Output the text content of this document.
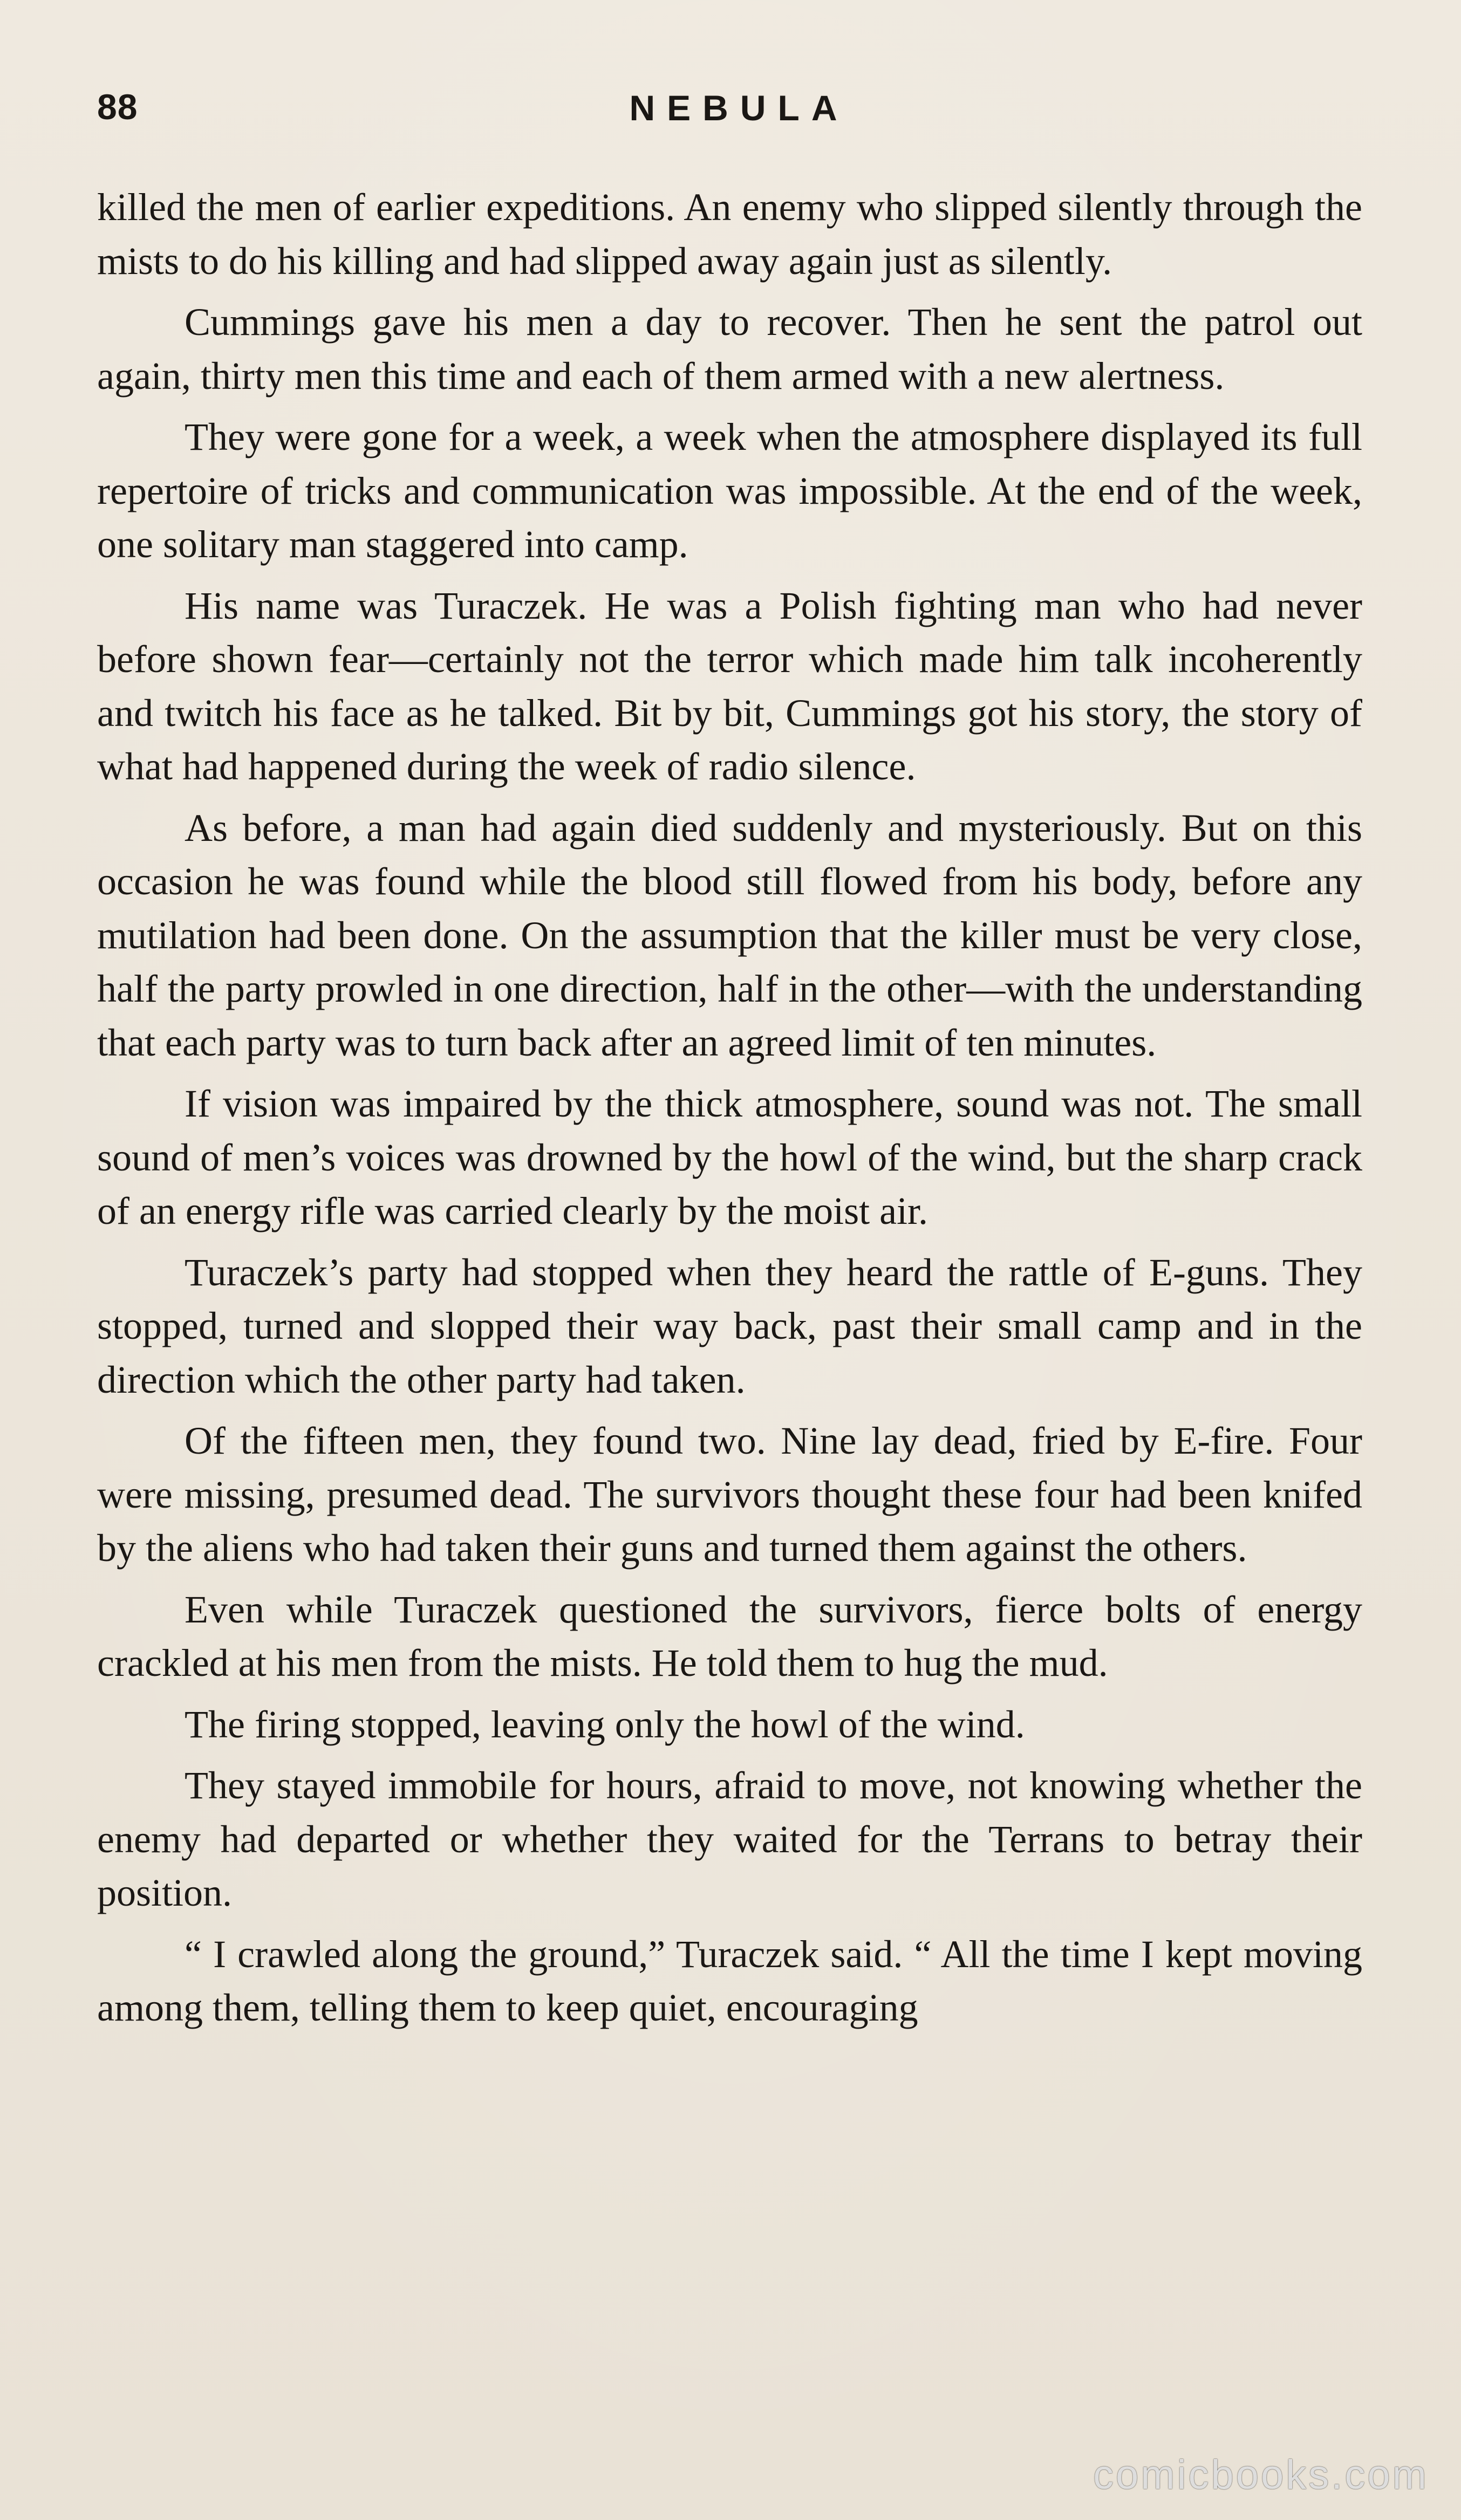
88	NEBULA

killed the men of earlier expeditions. An enemy who slipped silently through the mists to do his killing and had slipped away again just as silently.

Cummings gave his men a day to recover. Then he sent the patrol out again, thirty men this time and each of them armed with a new alertness.

They were gone for a week, a week when the atmosphere displayed its full repertoire of tricks and communication was impossible. At the end of the week, one solitary man staggered into camp.

His name was Turaczek. He was a Polish fighting man who had never before shown fear—certainly not the terror which made him talk incoherently and twitch his face as he talked. Bit by bit, Cummings got his story, the story of what had happened during the week of radio silence.

As before, a man had again died suddenly and mysteriously. But on this occasion he was found while the blood still flowed from his body, before any mutilation had been done. On the assumption that the killer must be very close, half the party prowled in one direction, half in the other—with the understanding that each party was to turn back after an agreed limit of ten minutes.

If vision was impaired by the thick atmosphere, sound was not. The small sound of men’s voices was drowned by the howl of the wind, but the sharp crack of an energy rifle was carried clearly by the moist air.

Turaczek’s party had stopped when they heard the rattle of E-guns. They stopped, turned and slopped their way back, past their small camp and in the direction which the other party had taken.

Of the fifteen men, they found two. Nine lay dead, fried by E-fire. Four were missing, presumed dead. The survivors thought these four had been knifed by the aliens who had taken their guns and turned them against the others.

Even while Turaczek questioned the survivors, fierce bolts of energy crackled at his men from the mists. He told them to hug the mud.

The firing stopped, leaving only the howl of the wind.

They stayed immobile for hours, afraid to move, not knowing whether the enemy had departed or whether they waited for the Terrans to betray their position.

“ I crawled along the ground,” Turaczek said. “ All the time I kept moving among them, telling them to keep quiet, encouraging

comicbooks.com
